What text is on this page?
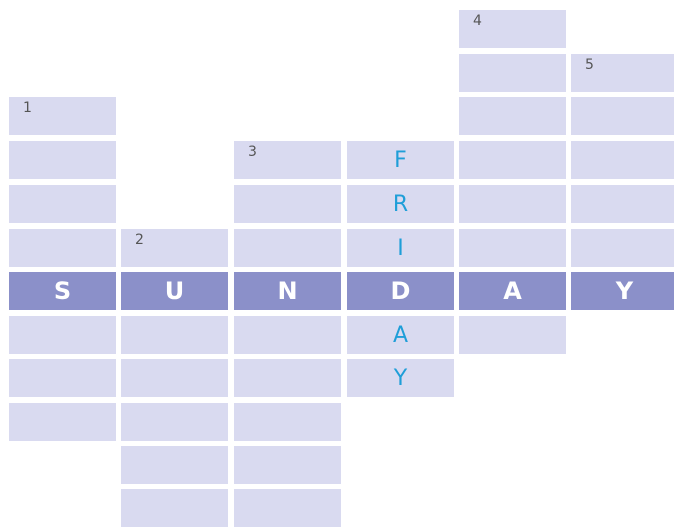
1
S
2
U
3
N
F
R
I
D
A
Y
4
A
5
Y
